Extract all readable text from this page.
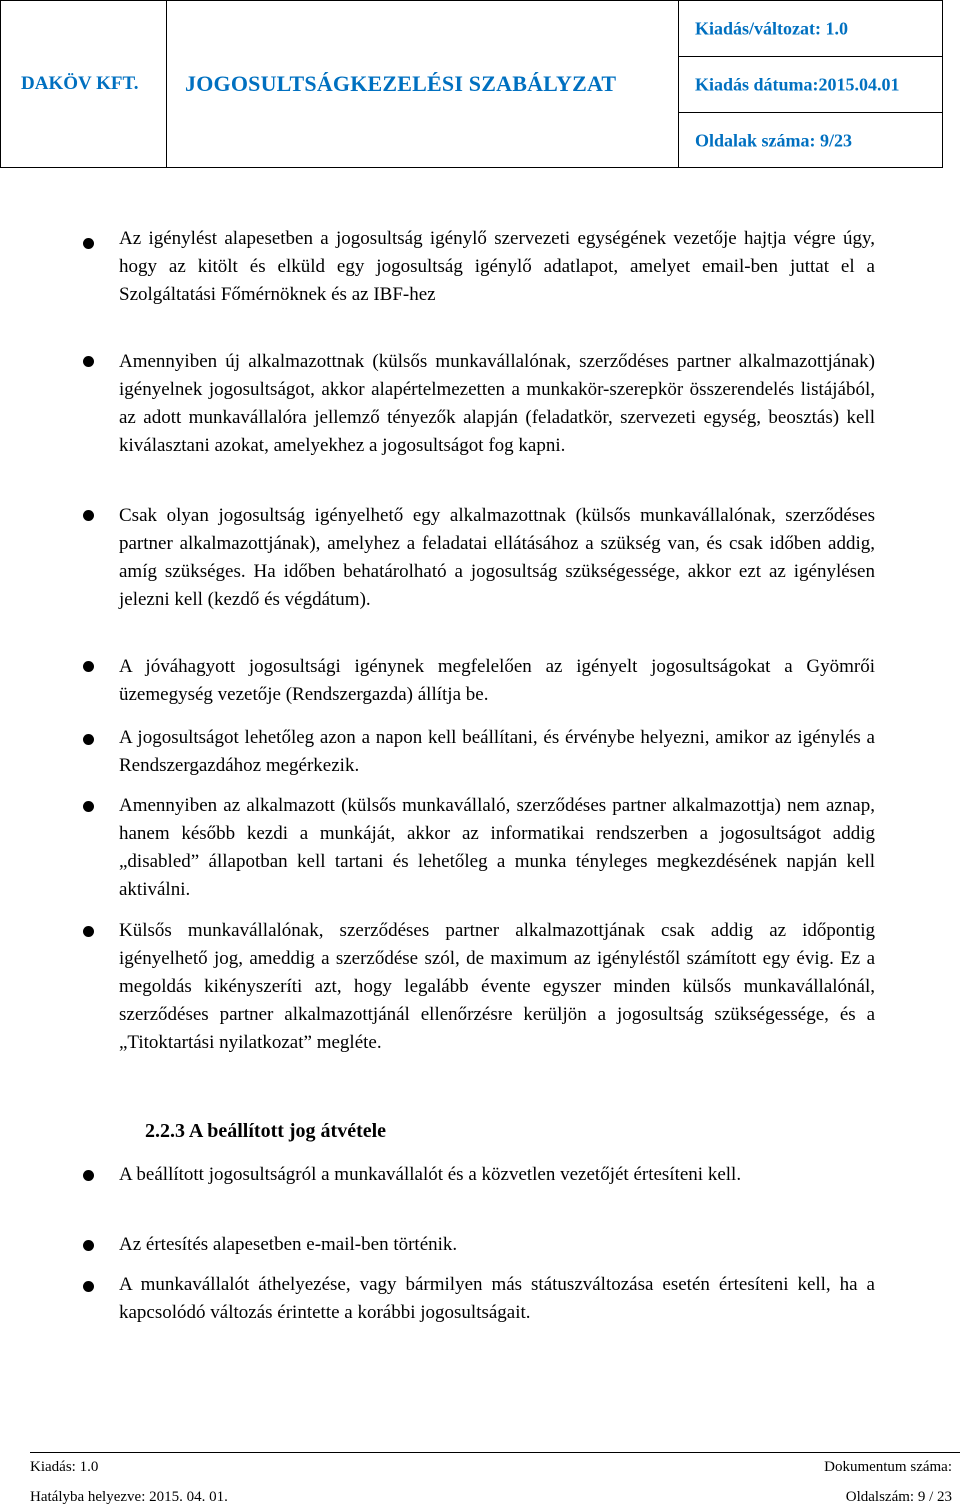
DAKÖV KFT. JOGOSULTSÁGKEZELÉSI SZABÁLYZAT
Kiadás/változat: 1.0
Kiadás dátuma:2015.04.01
Oldalak száma: 9/23
Az igénylést alapesetben a jogosultság igénylő szervezeti egységének vezetője hajtja végre úgy, hogy az kitölt és elküld egy jogosultság igénylő adatlapot, amelyet email-ben juttat el a Szolgáltatási Főmérnöknek és az IBF-hez
Amennyiben új alkalmazottnak (külsős munkavállalónak, szerződéses partner alkalmazottjának) igényelnek jogosultságot, akkor alapértelmezetten a munkakör-szerepkör összerendelés listájából, az adott munkavállalóra jellemző tényezők alapján (feladatkör, szervezeti egység, beosztás) kell kiválasztani azokat, amelyekhez a jogosultságot fog kapni.
Csak olyan jogosultság igényelhető egy alkalmazottnak (külsős munkavállalónak, szerződéses partner alkalmazottjának), amelyhez a feladatai ellátásához a szükség van, és csak időben addig, amíg szükséges. Ha időben behatárolható a jogosultság szükségessége, akkor ezt az igénylésen jelezni kell (kezdő és végdátum).
A jóváhagyott jogosultsági igénynek megfelelően az igényelt jogosultságokat a Gyömrői üzemegység vezetője (Rendszergazda) állítja be.
A jogosultságot lehetőleg azon a napon kell beállítani, és érvénybe helyezni, amikor az igénylés a Rendszergazdához megérkezik.
Amennyiben az alkalmazott (külsős munkavállaló, szerződéses partner alkalmazottja) nem aznap, hanem később kezdi a munkáját, akkor az informatikai rendszerben a jogosultságot addig „disabled” állapotban kell tartani és lehetőleg a munka tényleges megkezdésének napján kell aktiválni.
Külsős munkavállalónak, szerződéses partner alkalmazottjának csak addig az időpontig igényelhető jog, ameddig a szerződése szól, de maximum az igényléstől számított egy évig. Ez a megoldás kikényszeríti azt, hogy legalább évente egyszer minden külsős munkavállalónál, szerződéses partner alkalmazottjánál ellenőrzésre kerüljön a jogosultság szükségessége, és a „Titoktartási nyilatkozat” megléte.
2.2.3 A beállított jog átvétele
A beállított jogosultságról a munkavállalót és a közvetlen vezetőjét értesíteni kell.
Az értesítés alapesetben e-mail-ben történik.
A munkavállalót áthelyezése, vagy bármilyen más státuszváltozása esetén értesíteni kell, ha a kapcsolódó változás érintette a korábbi jogosultságait.
Kiadás: 1.0	Dokumentum száma:
Hatályba helyezve: 2015. 04. 01.	Oldalszám: 9 / 23
